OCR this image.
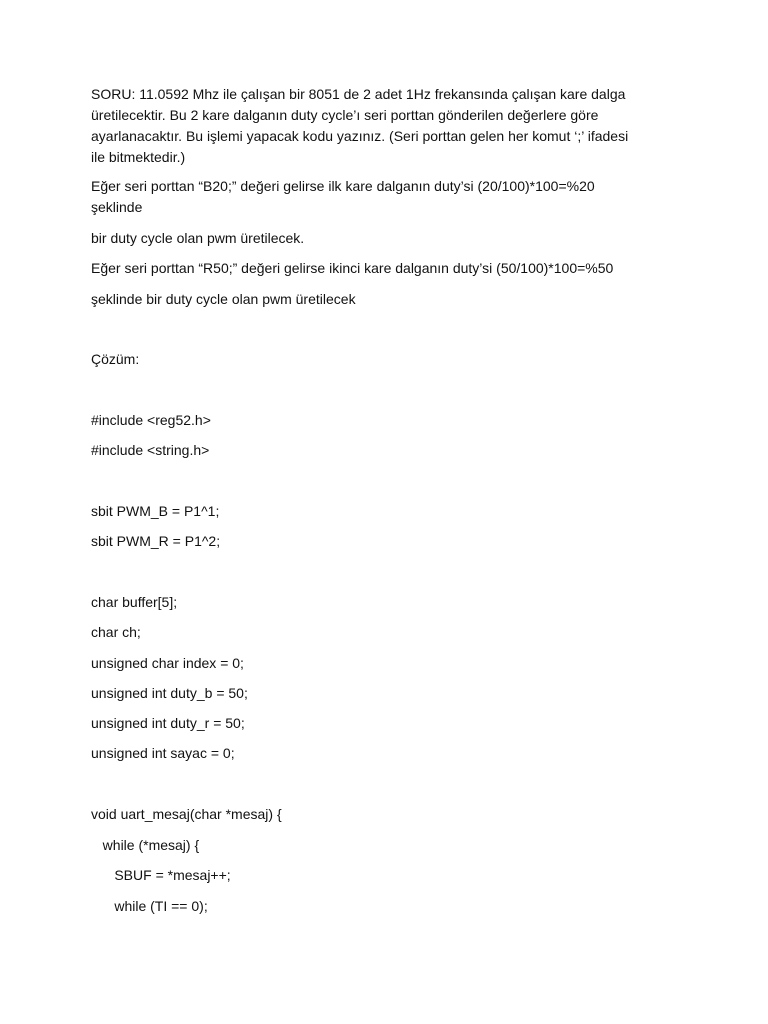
SORU: 11.0592 Mhz ile çalışan bir 8051 de 2 adet 1Hz frekansında çalışan kare dalga
üretilecektir. Bu 2 kare dalganın duty cycle’ı seri porttan gönderilen değerlere göre
ayarlanacaktır. Bu işlemi yapacak kodu yazınız. (Seri porttan gelen her komut ‘;’ ifadesi
ile bitmektedir.)
Eğer seri porttan “B20;” değeri gelirse ilk kare dalganın duty’si (20/100)*100=%20
şeklinde
bir duty cycle olan pwm üretilecek.
Eğer seri porttan “R50;” değeri gelirse ikinci kare dalganın duty’si (50/100)*100=%50
şeklinde bir duty cycle olan pwm üretilecek
Çözüm:
#include <reg52.h>
#include <string.h>
sbit PWM_B = P1^1;
sbit PWM_R = P1^2;
char buffer[5];
char ch;
unsigned char index = 0;
unsigned int duty_b = 50;
unsigned int duty_r = 50;
unsigned int sayac = 0;
void uart_mesaj(char *mesaj) {
while (*mesaj) {
SBUF = *mesaj++;
while (TI == 0);
